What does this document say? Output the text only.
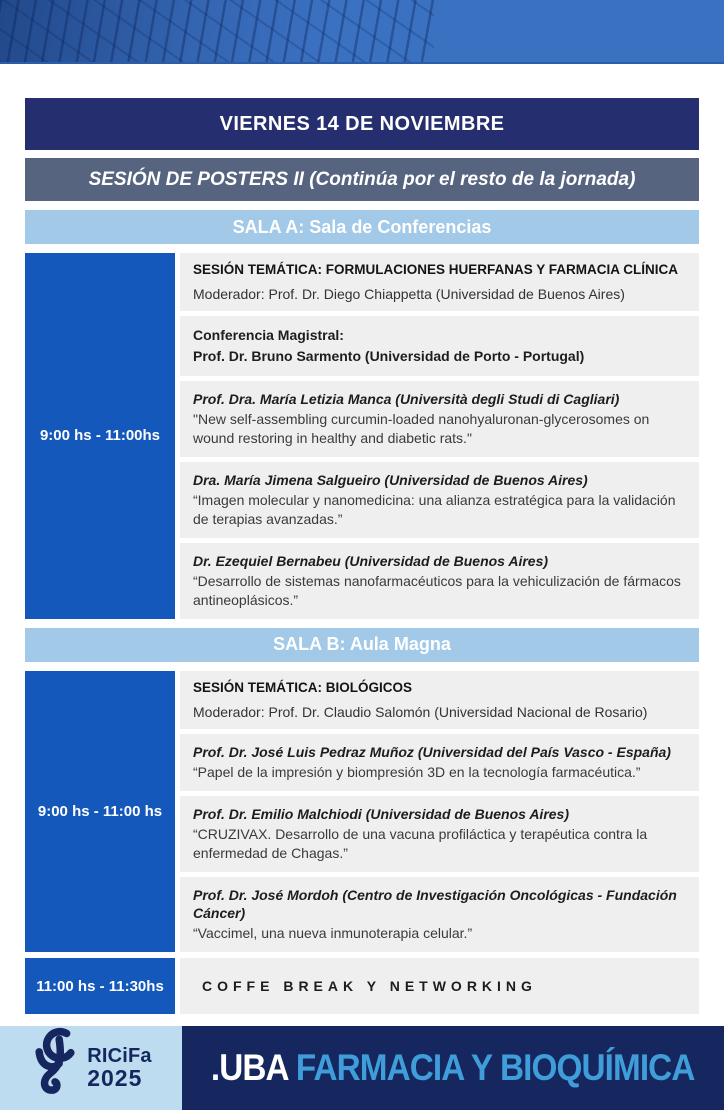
VIERNES 14 DE NOVIEMBRE
SESIÓN DE POSTERS II (Continúa por el resto de la jornada)
SALA A: Sala de Conferencias
9:00 hs - 11:00hs
SESIÓN TEMÁTICA: FORMULACIONES HUERFANAS Y FARMACIA CLÍNICA
Moderador: Prof. Dr. Diego Chiappetta (Universidad de Buenos Aires)
Conferencia Magistral:
Prof. Dr. Bruno Sarmento (Universidad de Porto - Portugal)
Prof. Dra. María Letizia Manca (Università degli Studi di Cagliari)
"New self-assembling curcumin-loaded nanohyaluronan-glycerosomes on wound restoring in healthy and diabetic rats."
Dra. María Jimena Salgueiro (Universidad de Buenos Aires)
“Imagen molecular y nanomedicina: una alianza estratégica para la validación de terapias avanzadas.”
Dr. Ezequiel Bernabeu (Universidad de Buenos Aires)
“Desarrollo de sistemas nanofarmacéuticos para la vehiculización de fármacos antineoplásicos.”
SALA B: Aula Magna
9:00 hs - 11:00 hs
SESIÓN TEMÁTICA: BIOLÓGICOS
Moderador: Prof. Dr. Claudio Salomón (Universidad Nacional de Rosario)
Prof. Dr. José Luis Pedraz Muñoz (Universidad del País Vasco - España)
“Papel de la impresión y biompresión 3D en la tecnología farmacéutica.”
Prof. Dr. Emilio Malchiodi (Universidad de Buenos Aires)
“CRUZIVAX. Desarrollo de una vacuna profiláctica y terapéutica contra la enfermedad de Chagas.”
Prof. Dr. José Mordoh (Centro de Investigación Oncológicas - Fundación Cáncer)
“Vaccimel, una nueva inmunoterapia celular.”
11:00 hs - 11:30hs	COFFE BREAK Y NETWORKING
RICiFa
2025 .UBA FARMACIA Y BIOQUÍMICA
